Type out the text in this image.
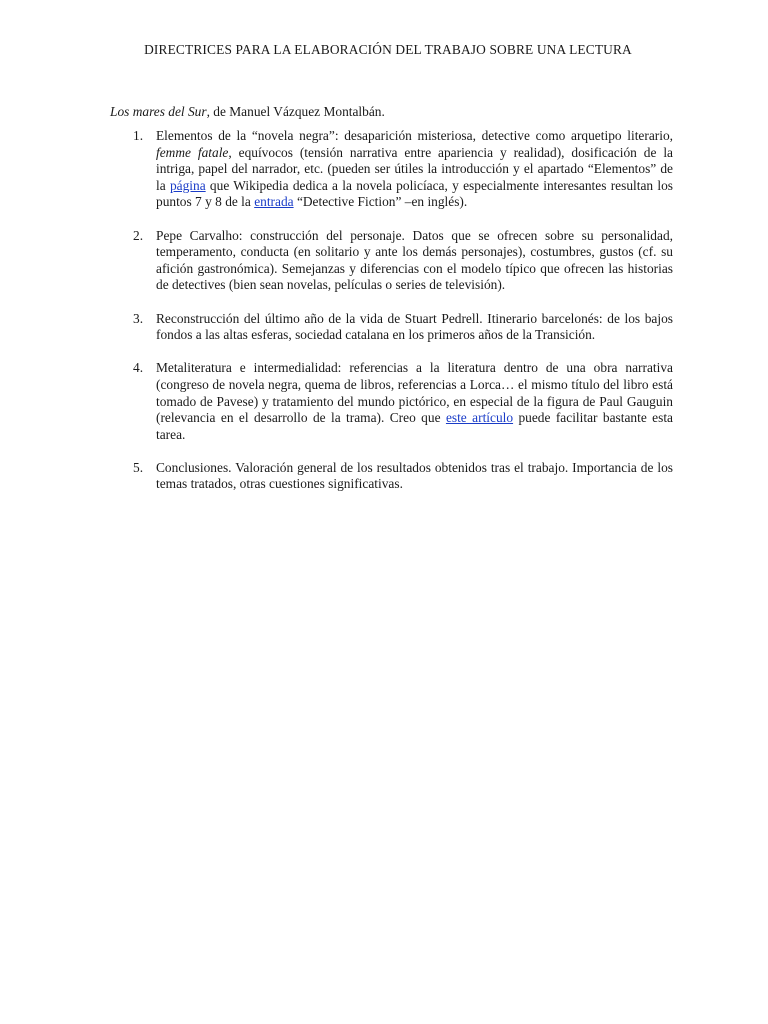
DIRECTRICES PARA LA ELABORACIÓN DEL TRABAJO SOBRE UNA LECTURA
Los mares del Sur, de Manuel Vázquez Montalbán.
1. Elementos de la “novela negra”: desaparición misteriosa, detective como arquetipo literario, femme fatale, equívocos (tensión narrativa entre apariencia y realidad), dosificación de la intriga, papel del narrador, etc. (pueden ser útiles la introducción y el apartado “Elementos” de la página que Wikipedia dedica a la novela policíaca, y especialmente interesantes resultan los puntos 7 y 8 de la entrada “Detective Fiction” –en inglés).
2. Pepe Carvalho: construcción del personaje. Datos que se ofrecen sobre su personalidad, temperamento, conducta (en solitario y ante los demás personajes), costumbres, gustos (cf. su afición gastronómica). Semejanzas y diferencias con el modelo típico que ofrecen las historias de detectives (bien sean novelas, películas o series de televisión).
3. Reconstrucción del último año de la vida de Stuart Pedrell. Itinerario barcelonés: de los bajos fondos a las altas esferas, sociedad catalana en los primeros años de la Transición.
4. Metaliteratura e intermedialidad: referencias a la literatura dentro de una obra narrativa (congreso de novela negra, quema de libros, referencias a Lorca… el mismo título del libro está tomado de Pavese) y tratamiento del mundo pictórico, en especial de la figura de Paul Gauguin (relevancia en el desarrollo de la trama). Creo que este artículo puede facilitar bastante esta tarea.
5. Conclusiones. Valoración general de los resultados obtenidos tras el trabajo. Importancia de los temas tratados, otras cuestiones significativas.
